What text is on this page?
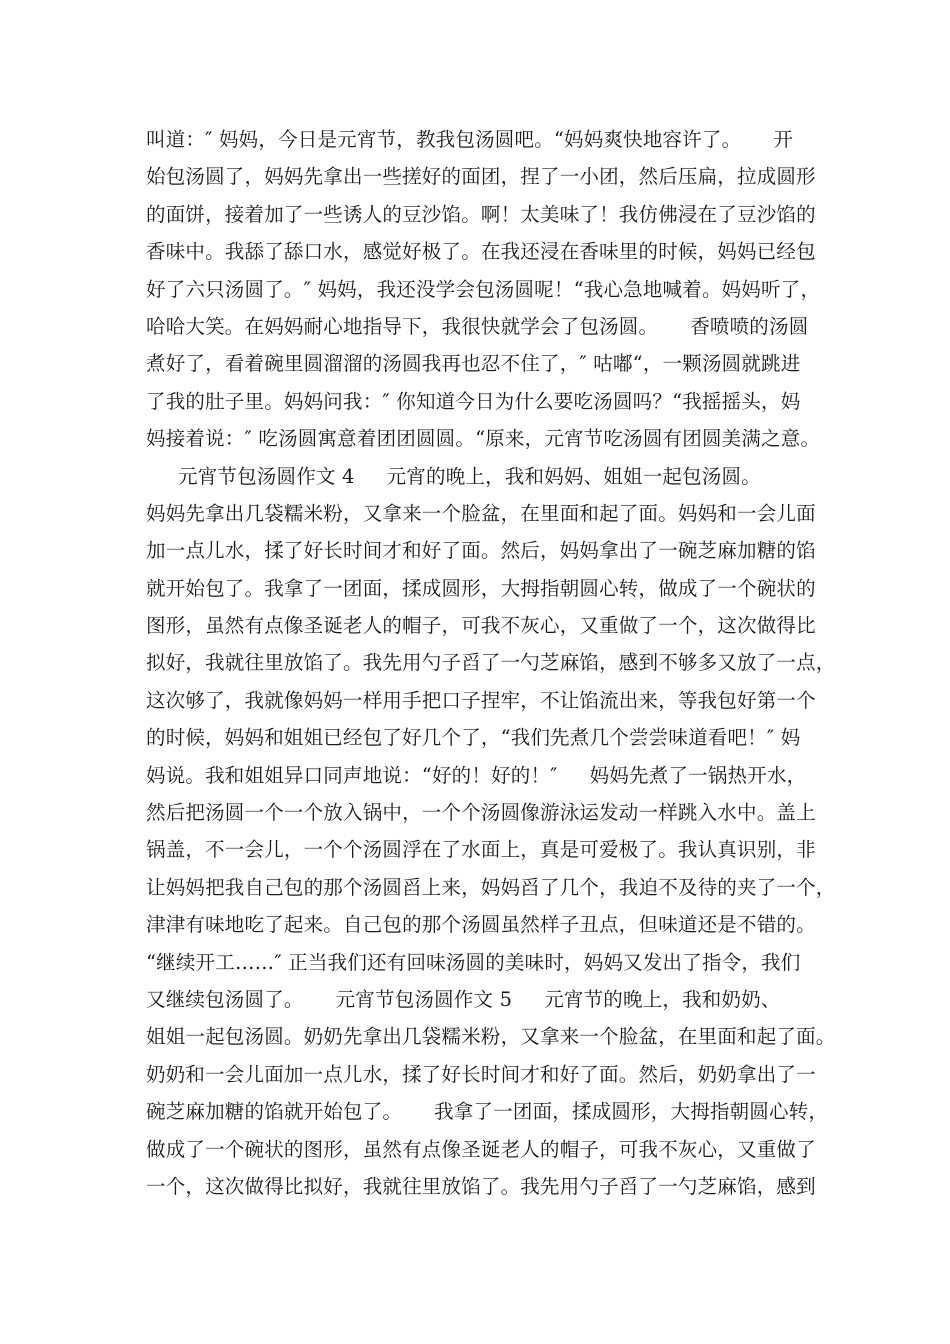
叫道：″ 妈妈，今日是元宵节，教我包汤圆吧。“妈妈爽快地容许了。     开
始包汤圆了，妈妈先拿出一些搓好的面团，捏了一小团，然后压扁，拉成圆形
的面饼，接着加了一些诱人的豆沙馅。啊！太美味了！我仿佛浸在了豆沙馅的
香味中。我舔了舔口水，感觉好极了。在我还浸在香味里的时候，妈妈已经包
好了六只汤圆了。″ 妈妈，我还没学会包汤圆呢！“我心急地喊着。妈妈听了，
哈哈大笑。在妈妈耐心地指导下，我很快就学会了包汤圆。     香喷喷的汤圆
煮好了，看着碗里圆溜溜的汤圆我再也忍不住了，″ 咕嘟“，一颗汤圆就跳进
了我的肚子里。妈妈问我：″ 你知道今日为什么要吃汤圆吗？“我摇摇头，妈
妈接着说：″ 吃汤圆寓意着团团圆圆。“原来，元宵节吃汤圆有团圆美满之意。
元宵节包汤圆作文 4     元宵的晚上，我和妈妈、姐姐一起包汤圆。
妈妈先拿出几袋糯米粉，又拿来一个脸盆，在里面和起了面。妈妈和一会儿面
加一点儿水，揉了好长时间才和好了面。然后，妈妈拿出了一碗芝麻加糖的馅
就开始包了。我拿了一团面，揉成圆形，大拇指朝圆心转，做成了一个碗状的
图形，虽然有点像圣诞老人的帽子，可我不灰心，又重做了一个，这次做得比
拟好，我就往里放馅了。我先用勺子舀了一勺芝麻馅，感到不够多又放了一点，
这次够了，我就像妈妈一样用手把口子捏牢，不让馅流出来，等我包好第一个
的时候，妈妈和姐姐已经包了好几个了，“我们先煮几个尝尝味道看吧！″ 妈
妈说。我和姐姐异口同声地说：“好的！好的！″     妈妈先煮了一锅热开水，
然后把汤圆一个一个放入锅中，一个个汤圆像游泳运发动一样跳入水中。盖上
锅盖，不一会儿，一个个汤圆浮在了水面上，真是可爱极了。我认真识别，非
让妈妈把我自己包的那个汤圆舀上来，妈妈舀了几个，我迫不及待的夹了一个，
津津有味地吃了起来。自己包的那个汤圆虽然样子丑点，但味道还是不错的。
“继续开工……″ 正当我们还有回味汤圆的美味时，妈妈又发出了指令，我们
又继续包汤圆了。     元宵节包汤圆作文 5     元宵节的晚上，我和奶奶、
姐姐一起包汤圆。奶奶先拿出几袋糯米粉，又拿来一个脸盆，在里面和起了面。
奶奶和一会儿面加一点儿水，揉了好长时间才和好了面。然后，奶奶拿出了一
碗芝麻加糖的馅就开始包了。     我拿了一团面，揉成圆形，大拇指朝圆心转，
做成了一个碗状的图形，虽然有点像圣诞老人的帽子，可我不灰心，又重做了
一个，这次做得比拟好，我就往里放馅了。我先用勺子舀了一勺芝麻馅，感到
